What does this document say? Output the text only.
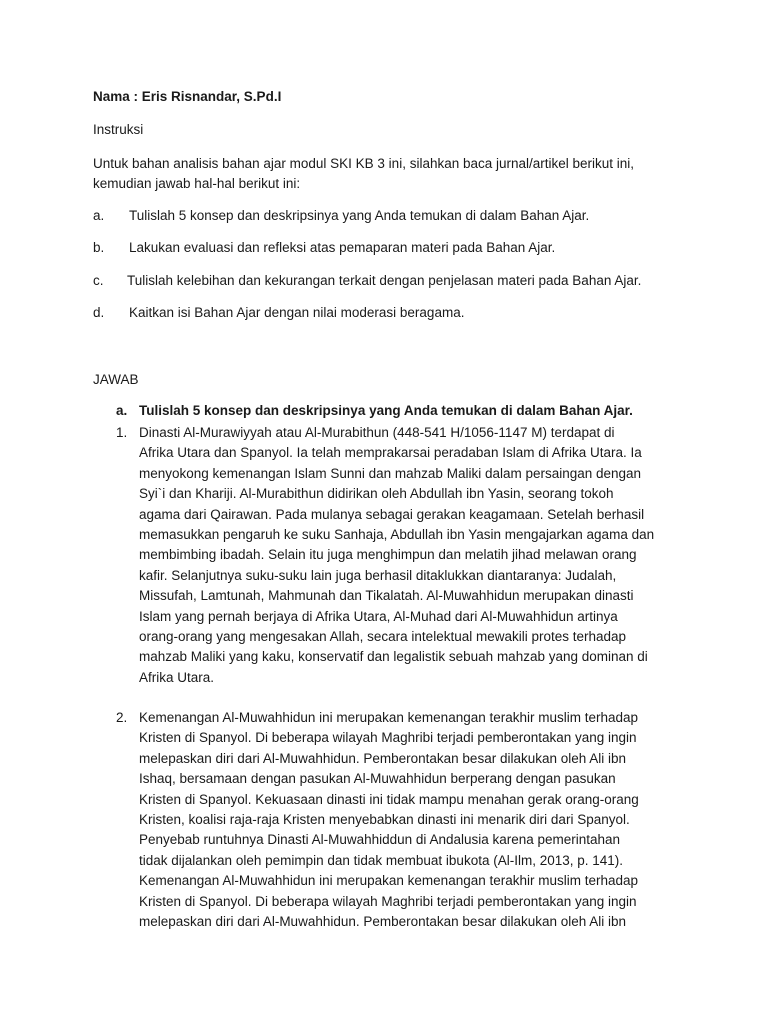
Nama : Eris Risnandar, S.Pd.I
Instruksi
Untuk bahan analisis bahan ajar modul SKI KB 3 ini, silahkan baca jurnal/artikel berikut ini,
kemudian jawab hal-hal berikut ini:
a. Tulislah 5 konsep dan deskripsinya yang Anda temukan di dalam Bahan Ajar.
b. Lakukan evaluasi dan refleksi atas pemaparan materi pada Bahan Ajar.
c. Tulislah kelebihan dan kekurangan terkait dengan penjelasan materi pada Bahan Ajar.
d. Kaitkan isi Bahan Ajar dengan nilai moderasi beragama.
JAWAB
a. Tulislah 5 konsep dan deskripsinya yang Anda temukan di dalam Bahan Ajar.
1. Dinasti Al-Murawiyyah atau Al-Murabithun (448-541 H/1056-1147 M) terdapat di
Afrika Utara dan Spanyol. Ia telah memprakarsai peradaban Islam di Afrika Utara. Ia
menyokong kemenangan Islam Sunni dan mahzab Maliki dalam persaingan dengan
Syi`i dan Khariji. Al-Murabithun didirikan oleh Abdullah ibn Yasin, seorang tokoh
agama dari Qairawan. Pada mulanya sebagai gerakan keagamaan. Setelah berhasil
memasukkan pengaruh ke suku Sanhaja, Abdullah ibn Yasin mengajarkan agama dan
membimbing ibadah. Selain itu juga menghimpun dan melatih jihad melawan orang
kafir. Selanjutnya suku-suku lain juga berhasil ditaklukkan diantaranya: Judalah,
Missufah, Lamtunah, Mahmunah dan Tikalatah. Al-Muwahhidun merupakan dinasti
Islam yang pernah berjaya di Afrika Utara, Al-Muhad dari Al-Muwahhidun artinya
orang-orang yang mengesakan Allah, secara intelektual mewakili protes terhadap
mahzab Maliki yang kaku, konservatif dan legalistik sebuah mahzab yang dominan di
Afrika Utara.
2. Kemenangan Al-Muwahhidun ini merupakan kemenangan terakhir muslim terhadap
Kristen di Spanyol. Di beberapa wilayah Maghribi terjadi pemberontakan yang ingin
melepaskan diri dari Al-Muwahhidun. Pemberontakan besar dilakukan oleh Ali ibn
Ishaq, bersamaan dengan pasukan Al-Muwahhidun berperang dengan pasukan
Kristen di Spanyol. Kekuasaan dinasti ini tidak mampu menahan gerak orang-orang
Kristen, koalisi raja-raja Kristen menyebabkan dinasti ini menarik diri dari Spanyol.
Penyebab runtuhnya Dinasti Al-Muwahhiddun di Andalusia karena pemerintahan
tidak dijalankan oleh pemimpin dan tidak membuat ibukota (Al-Ilm, 2013, p. 141).
Kemenangan Al-Muwahhidun ini merupakan kemenangan terakhir muslim terhadap
Kristen di Spanyol. Di beberapa wilayah Maghribi terjadi pemberontakan yang ingin
melepaskan diri dari Al-Muwahhidun. Pemberontakan besar dilakukan oleh Ali ibn
